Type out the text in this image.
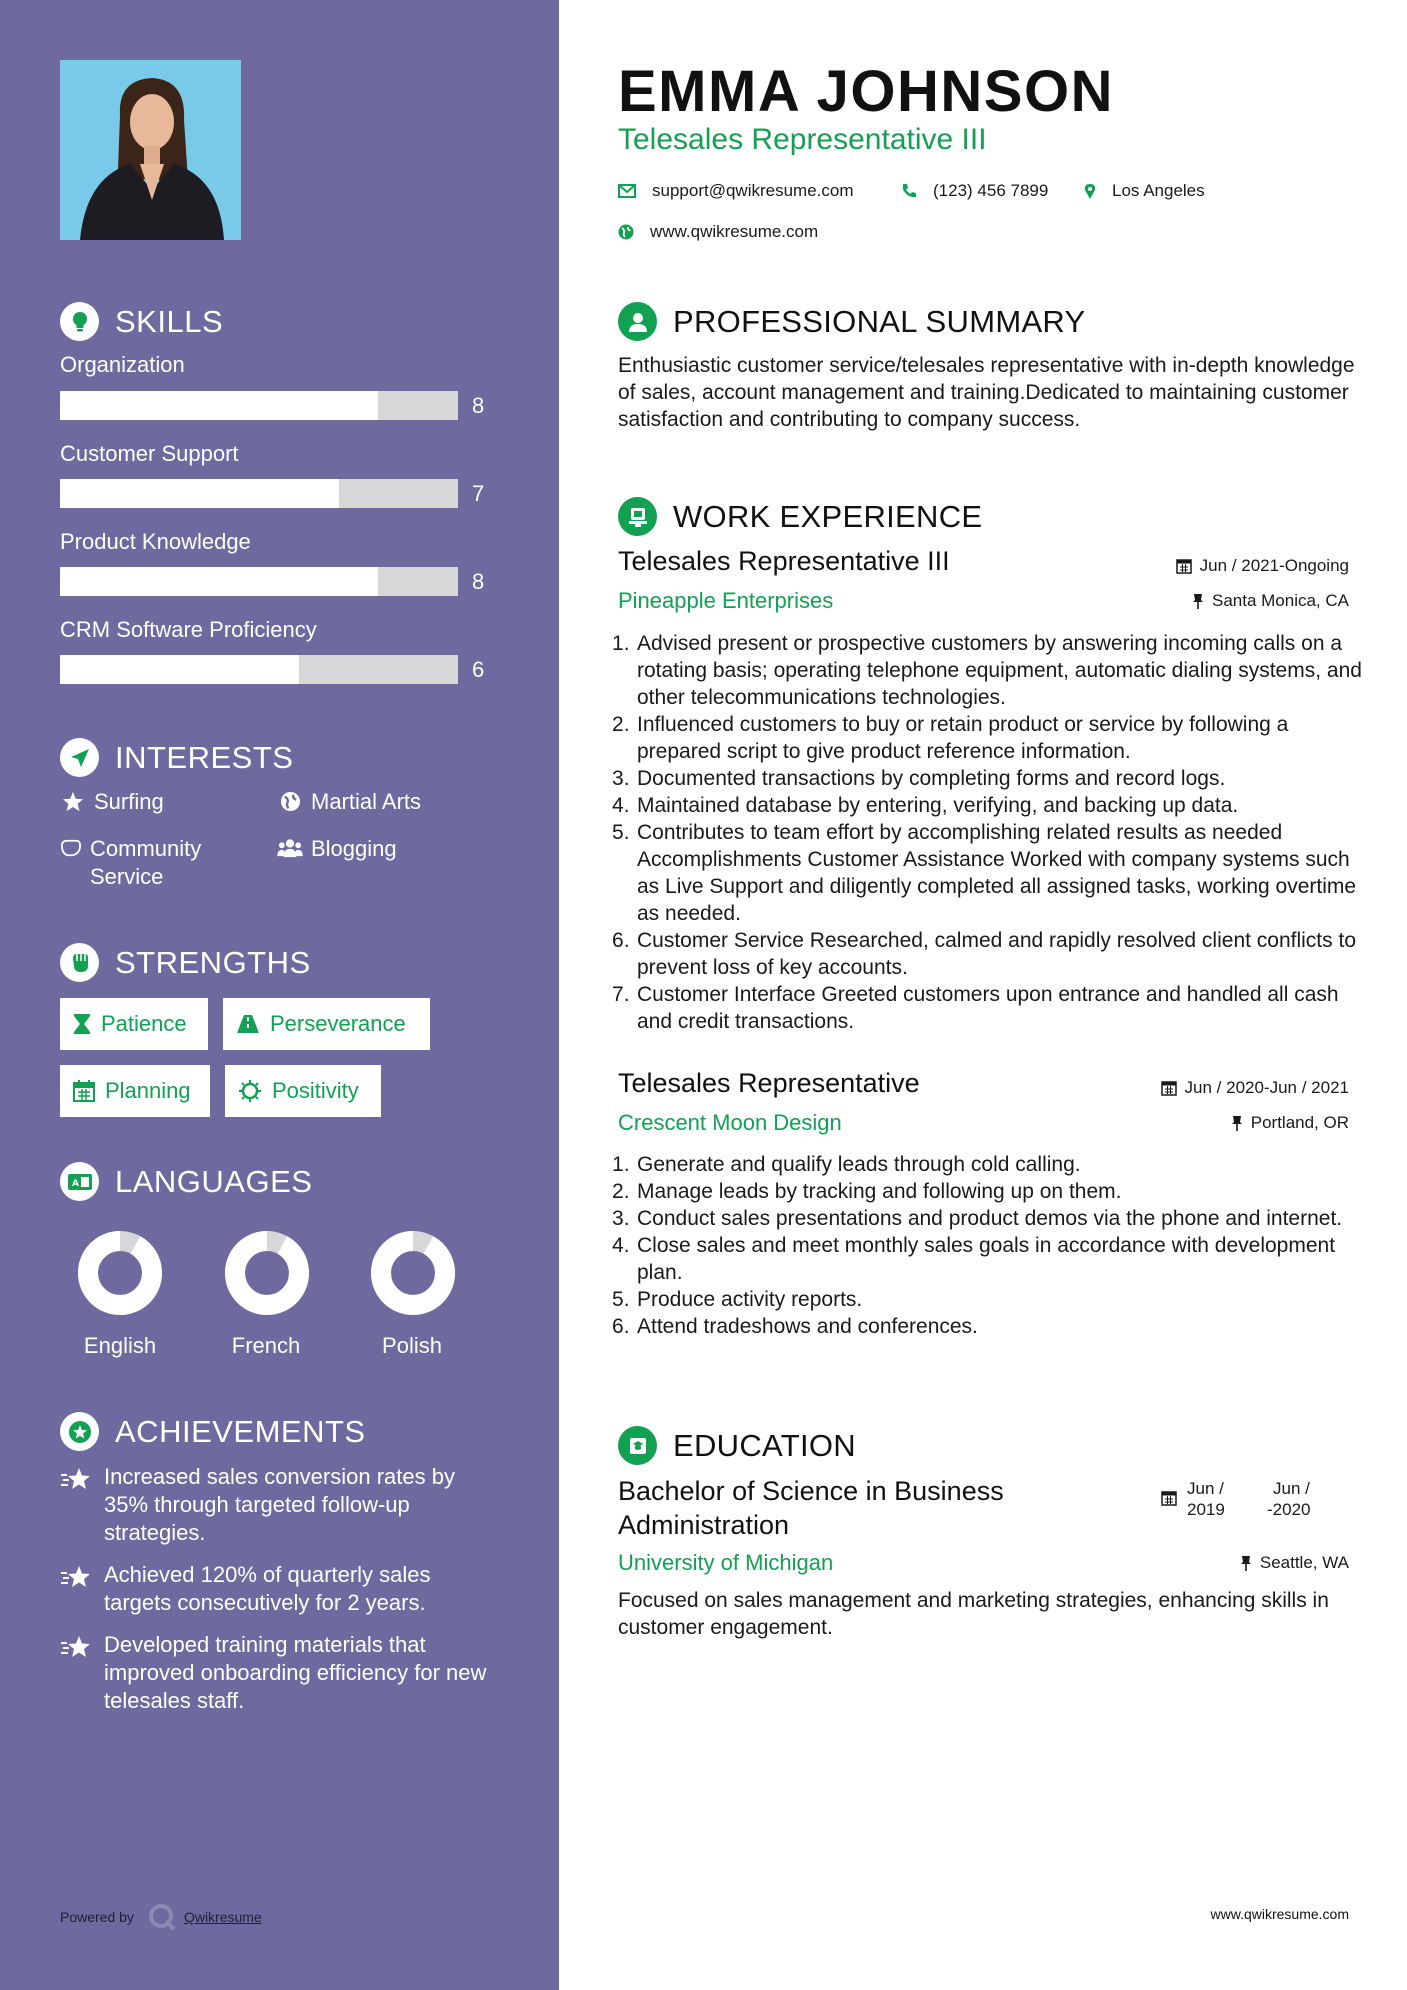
SKILLS
Organization
8
Customer Support
7
Product Knowledge
8
CRM Software Proficiency
6
INTERESTS
Surfing	Martial Arts
Community Service
Blogging
STRENGTHS
Patience	Perseverance
Planning	Positivity
A LANGUAGES
English	French	Polish
ACHIEVEMENTS
Increased sales conversion rates by 35% through targeted follow-up strategies.
Achieved 120% of quarterly sales targets consecutively for 2 years.
Developed training materials that improved onboarding efficiency for new telesales staff.
Powered by	Qwikresume
EMMA JOHNSON
Telesales Representative III
support@qwikresume.com	(123) 456 7899	Los Angeles
www.qwikresume.com
PROFESSIONAL SUMMARY
Enthusiastic customer service/telesales representative with in-depth knowledge of sales, account management and training.Dedicated to maintaining customer satisfaction and contributing to company success.
WORK EXPERIENCE
Telesales Representative III	Jun / 2021-Ongoing
Pineapple Enterprises	Santa Monica, CA
Advised present or prospective customers by answering incoming calls on a rotating basis; operating telephone equipment, automatic dialing systems, and other telecommunications technologies.
Influenced customers to buy or retain product or service by following a prepared script to give product reference information.
Documented transactions by completing forms and record logs.
Maintained database by entering, verifying, and backing up data.
Contributes to team effort by accomplishing related results as needed Accomplishments Customer Assistance Worked with company systems such as Live Support and diligently completed all assigned tasks, working overtime as needed.
Customer Service Researched, calmed and rapidly resolved client conflicts to prevent loss of key accounts.
Customer Interface Greeted customers upon entrance and handled all cash and credit transactions.
Telesales Representative	Jun / 2020-Jun / 2021
Crescent Moon Design	Portland, OR
Generate and qualify leads through cold calling.
Manage leads by tracking and following up on them.
Conduct sales presentations and product demos via the phone and internet.
Close sales and meet monthly sales goals in accordance with development plan.
Produce activity reports.
Attend tradeshows and conferences.
EDUCATION
Bachelor of Science in Business Administration
Jun /
2019
Jun /
-2020
University of Michigan	Seattle, WA
Focused on sales management and marketing strategies, enhancing skills in customer engagement.
www.qwikresume.com
